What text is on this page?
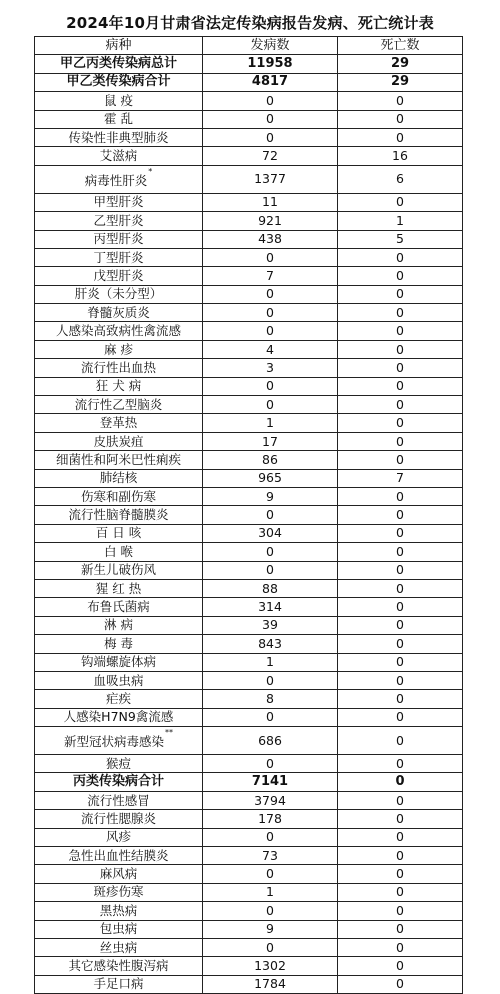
2024年10月甘肃省法定传染病报告发病、死亡统计表
病种	发病数	死亡数
甲乙丙类传染病总计	11958	29
甲乙类传染病合计	4817	29
鼠 疫	0	0
霍 乱	0	0
传染性非典型肺炎	0	0
艾滋病	72	16
病毒性肝炎*	1377	6
甲型肝炎	11	0
乙型肝炎	921	1
丙型肝炎	438	5
丁型肝炎	0	0
戊型肝炎	7	0
肝炎（未分型）	0	0
脊髓灰质炎	0	0
人感染高致病性禽流感	0	0
麻 疹	4	0
流行性出血热	3	0
狂 犬 病	0	0
流行性乙型脑炎	0	0
登革热	1	0
皮肤炭疽	17	0
细菌性和阿米巴性痢疾	86	0
肺结核	965	7
伤寒和副伤寒	9	0
流行性脑脊髓膜炎	0	0
百 日 咳	304	0
白 喉	0	0
新生儿破伤风	0	0
猩 红 热	88	0
布鲁氏菌病	314	0
淋 病	39	0
梅 毒	843	0
钩端螺旋体病	1	0
血吸虫病	0	0
疟疾	8	0
人感染H7N9禽流感	0	0
新型冠状病毒感染**	686	0
猴痘	0	0
丙类传染病合计	7141	0
流行性感冒	3794	0
流行性腮腺炎	178	0
风疹	0	0
急性出血性结膜炎	73	0
麻风病	0	0
斑疹伤寒	1	0
黑热病	0	0
包虫病	9	0
丝虫病	0	0
其它感染性腹泻病	1302	0
手足口病	1784	0
